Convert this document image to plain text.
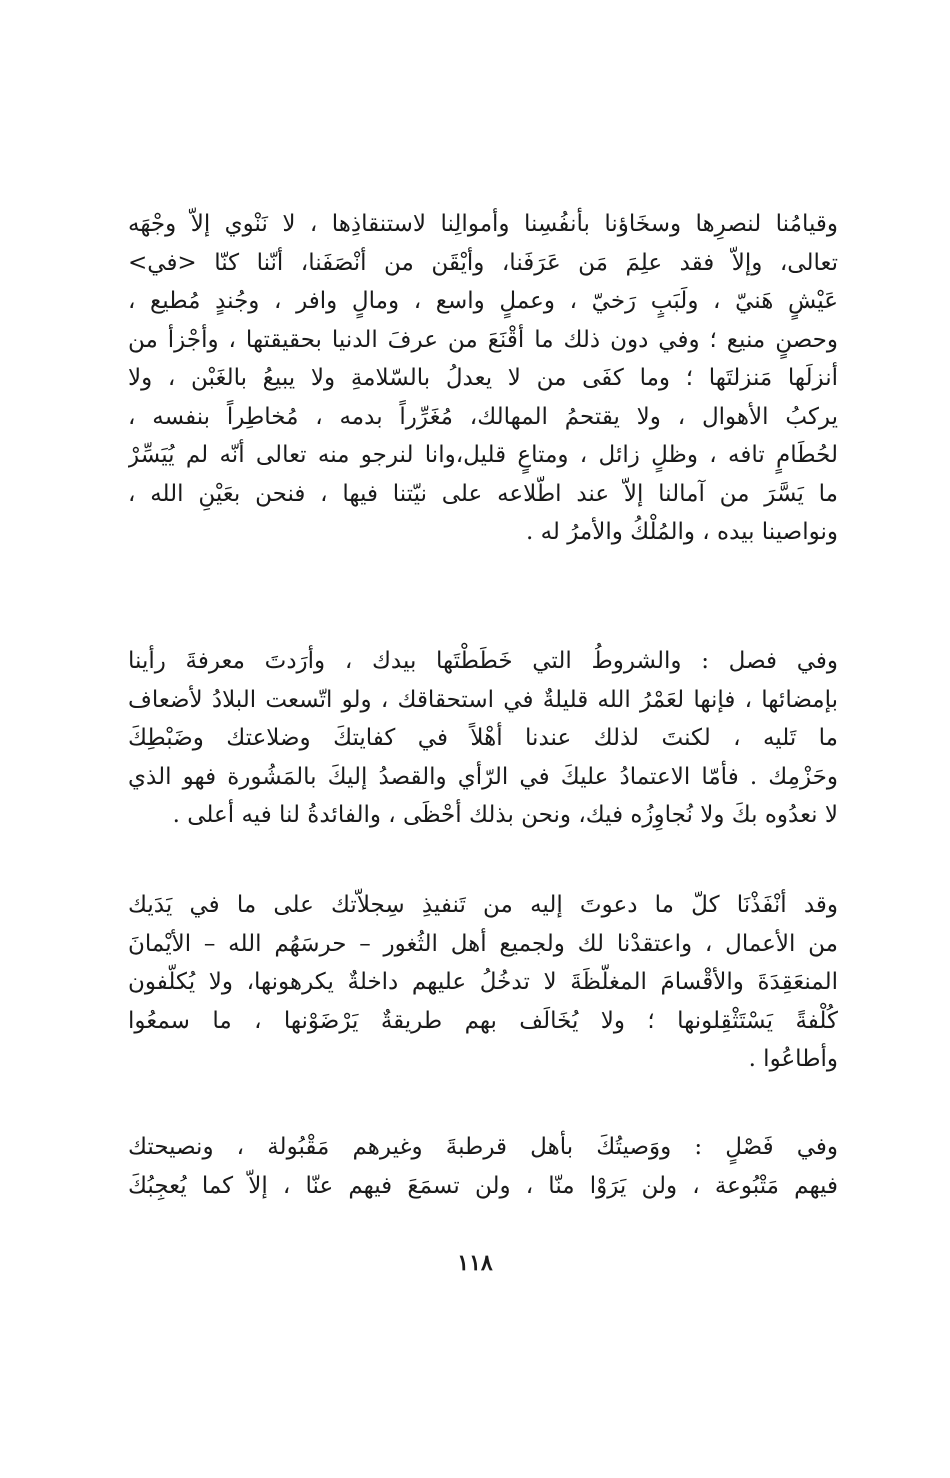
وقيامُنا لنصرِها وسخَاؤنا بأنفُسِنا وأموالِنا لاستنقاذِها ، لا نَنْوي إلاّ وجْهَه
تعالى، وإلاّ فقد علِمَ مَن عَرَفَنا، وأيْقَن من أنْصَفَنا، أنّنا كنّا <في>
عَيْشٍ هَنيّ ، ولَبَبٍ رَخيّ ، وعملٍ واسع ، ومالٍ وافر ، وجُندٍ مُطيع ،
وحصنٍ منيع ؛ وفي دون ذلك ما أقْنَعَ من عرفَ الدنيا بحقيقتها ، وأجْزأ من
أنزلَها مَنزلتَها ؛ وما كفَى من لا يعدلُ بالسّلامةِ ولا يبيعُ بالغَبْن ، ولا
يركبُ الأهوال ، ولا يقتحمُ المهالك، مُغَرِّراً بدمه ، مُخاطِراً بنفسه ،
لحُطَامٍ تافه ، وظلٍ زائل ، ومتاعٍ قليل،وانا لنرجو منه تعالى أنّه لم يُيَسِّرْ
ما يَسَّرَ من آمالنا إلاّ عند اطّلاعه على نيّتنا فيها ، فنحن بعَيْنِ الله ،
ونواصينا بيده ، والمُلْكُ والأمرُ له .
وفي فصل : والشروطُ التي خَطَطْتَها بيدك ، وأرَدتَ معرفةَ رأينا
بإمضائها ، فإنها لعَمْرُ الله قليلةٌ في استحقاقك ، ولو اتّسعت البلادُ لأضعاف
ما تَليه ، لكنتَ لذلك عندنا أهْلاً في كفايتكَ وضلاعتك وضَبْطِكَ
وحَزْمِك . فأمّا الاعتمادُ عليكَ في الرّأي والقصدُ إليكَ بالمَشُورة فهو الذي
لا نعدُوه بكَ ولا نُجاوِزُه فيك، ونحن بذلك أحْظَى ، والفائدةُ لنا فيه أعلى .
وقد أنْفَذْنَا كلّ ما دعوتَ إليه من تَنفيذِ سِجلاّتك على ما في يَدَيك
من الأعمال ، واعتقدْنا لك ولجميع أهل الثُغور – حرسَهُم الله – الأيْمانَ
المنعَقِدَةَ والأقْسامَ المغلّظَةَ لا تدخُلُ عليهم داخلةٌ يكرهونها، ولا يُكلّفون
كُلْفةً يَسْتَثْقِلونها ؛ ولا يُخَالَف بهم طريقةٌ يَرْضَوْنها ، ما سمعُوا
وأطاعُوا .
وفي فَصْلٍ : ووَصيتُكَ بأهل قرطبةَ وغيرهم مَقْبُولة ، ونصيحتك
فيهم مَتْبُوعة ، ولن يَرَوْا منّا ، ولن تسمَعَ فيهم عنّا ، إلاّ كما يُعجِبُكَ
١١٨
